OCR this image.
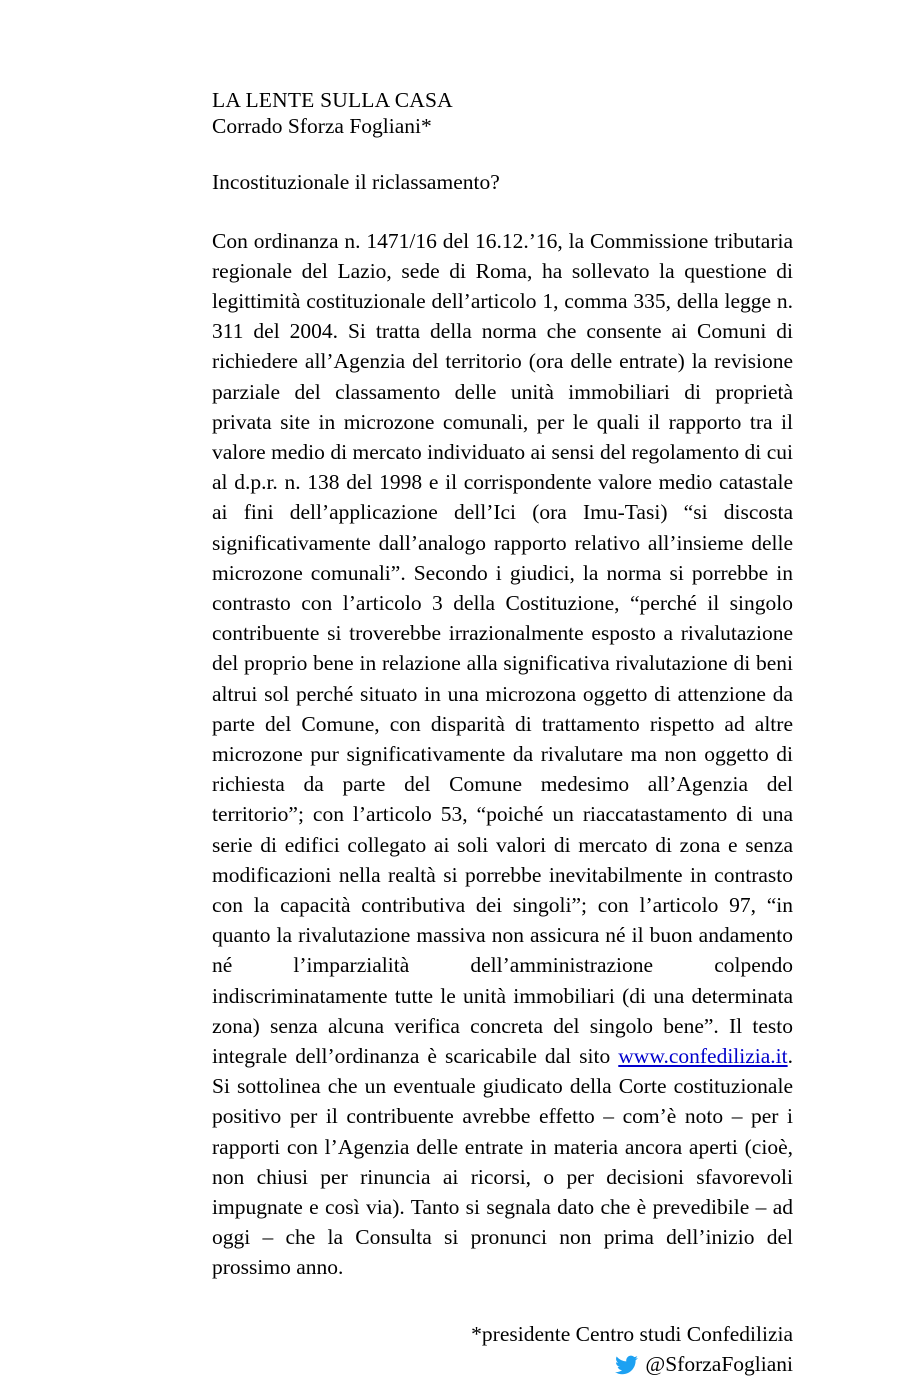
LA LENTE SULLA CASA
Corrado Sforza Fogliani*
Incostituzionale il riclassamento?

Con ordinanza n. 1471/16 del 16.12.’16, la Commissione tributaria regionale del Lazio, sede di Roma, ha sollevato la questione di legittimità costituzionale dell’articolo 1, comma 335, della legge n. 311 del 2004. Si tratta della norma che consente ai Comuni di richiedere all’Agenzia del territorio (ora delle entrate) la revisione parziale del classamento delle unità immobiliari di proprietà privata site in microzone comunali, per le quali il rapporto tra il valore medio di mercato individuato ai sensi del regolamento di cui al d.p.r. n. 138 del 1998 e il corrispondente valore medio catastale ai fini dell’applicazione dell’Ici (ora Imu-Tasi) “si discosta significativamente dall’analogo rapporto relativo all’insieme delle microzone comunali”. Secondo i giudici, la norma si porrebbe in contrasto con l’articolo 3 della Costituzione, “perché il singolo contribuente si troverebbe irrazionalmente esposto a rivalutazione del proprio bene in relazione alla significativa rivalutazione di beni altrui sol perché situato in una microzona oggetto di attenzione da parte del Comune, con disparità di trattamento rispetto ad altre microzone pur significativamente da rivalutare ma non oggetto di richiesta da parte del Comune medesimo all’Agenzia del territorio”; con l’articolo 53, “poiché un riaccatastamento di una serie di edifici collegato ai soli valori di mercato di zona e senza modificazioni nella realtà si porrebbe inevitabilmente in contrasto con la capacità contributiva dei singoli”; con l’articolo 97, “in quanto la rivalutazione massiva non assicura né il buon andamento né l’imparzialità dell’amministrazione colpendo indiscriminatamente tutte le unità immobiliari (di una determinata zona) senza alcuna verifica concreta del singolo bene”. Il testo integrale dell’ordinanza è scaricabile dal sito www.confedilizia.it.

Si sottolinea che un eventuale giudicato della Corte costituzionale positivo per il contribuente avrebbe effetto – com’è noto – per i rapporti con l’Agenzia delle entrate in materia ancora aperti (cioè, non chiusi per rinuncia ai ricorsi, o per decisioni sfavorevoli impugnate e così via). Tanto si segnala dato che è prevedibile – ad oggi – che la Consulta si pronunci non prima dell’inizio del prossimo anno.

*presidente Centro studi Confedilizia
@SforzaFogliani
